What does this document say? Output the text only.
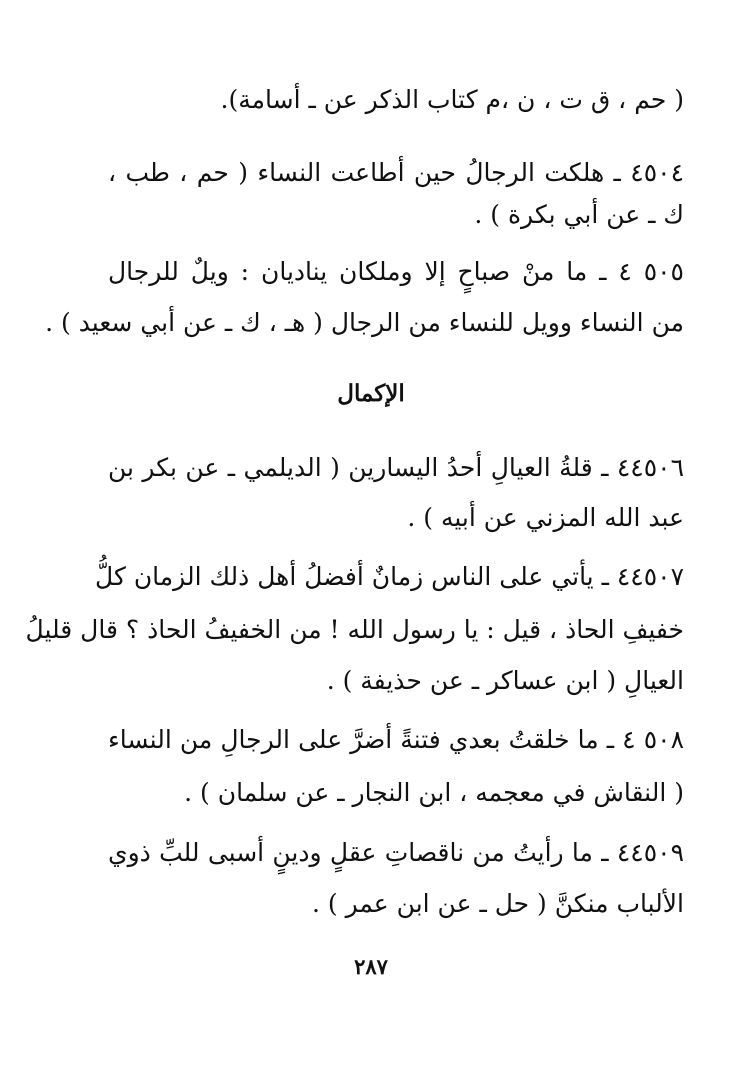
( حم ، ق ت ، ن ،م كتاب الذكر عن ـ أسامة).
٤٥٠٤ ـ هلكت الرجالُ حين أطاعت النساء ( حم ، طب ،
ك ـ عن أبي بكرة ) .
٥٠٥ ٤ ـ ما منْ صباحٍ إلا وملكان يناديان : ويلٌ للرجال
من النساء وويل للنساء من الرجال ( هـ ، ك ـ عن أبي سعيد ) .
الإكمال
٤٤٥٠٦ ـ قلةُ العيالِ أحدُ اليسارين ( الديلمي ـ عن بكر بن
عبد الله المزني عن أبيه ) .
٤٤٥٠٧ ـ يأتي على الناس زمانٌ أفضلُ أهل ذلك الزمان كلُّ
خفيفِ الحاذ ، قيل : يا رسول الله ! من الخفيفُ الحاذ ؟ قال قليلُ
العيالِ ( ابن عساكر ـ عن حذيفة ) .
٥٠٨ ٤ ـ ما خلقتُ بعدي فتنةً أضرَّ على الرجالِ من النساء
( النقاش في معجمه ، ابن النجار ـ عن سلمان ) .
٤٤٥٠٩ ـ ما رأيتُ من ناقصاتِ عقلٍ ودينٍ أسبى للبِّ ذوي
الألباب منكنَّ ( حل ـ عن ابن عمر ) .
٢٨٧
